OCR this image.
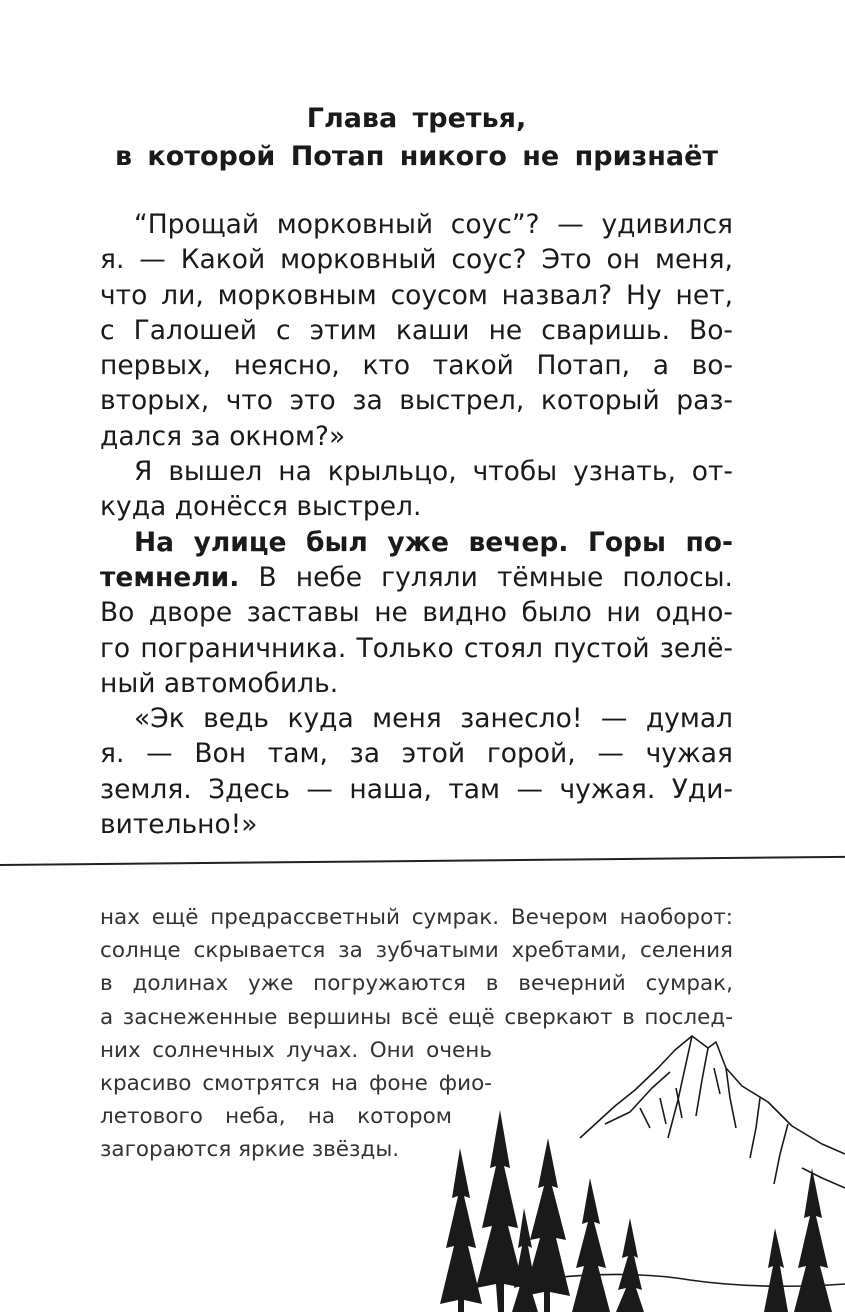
Глава третья,
в которой Потап никого не признаёт
“Прощай морковный соус”? — удивился
я. — Какой морковный соус? Это он меня,
что ли, морковным соусом назвал? Ну нет,
с Галошей с этим каши не сваришь. Во-
первых, неясно, кто такой Потап, а во-
вторых, что это за выстрел, который раз-
дался за окном?»
Я вышел на крыльцо, чтобы узнать, от-
куда донёсся выстрел.
На улице был уже вечер. Горы по-
темнели. В небе гуляли тёмные полосы.
Во дворе заставы не видно было ни одно-
го пограничника. Только стоял пустой зелё-
ный автомобиль.
«Эк ведь куда меня занесло! — думал
я. — Вон там, за этой горой, — чужая
земля. Здесь — наша, там — чужая. Уди-
вительно!»
нах ещё предрассветный сумрак. Вечером наоборот:
солнце скрывается за зубчатыми хребтами, селения
в долинах уже погружаются в вечерний сумрак,
а заснеженные вершины всё ещё сверкают в послед-
них солнечных лучах. Они очень
красиво смотрятся на фоне фио-
летового неба, на котором
загораются яркие звёзды.
